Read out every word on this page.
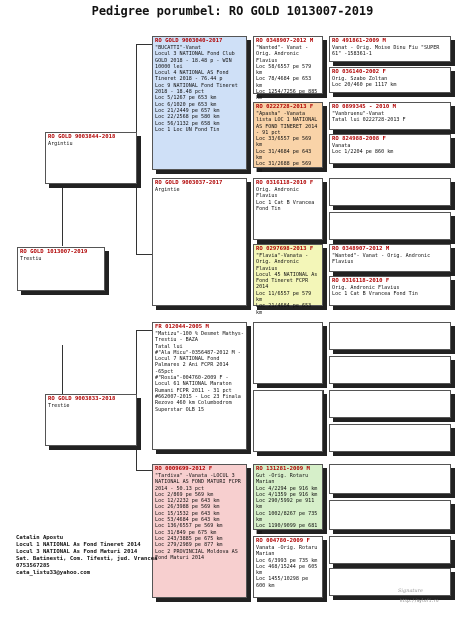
Pedigree porumbel: RO GOLD 1013007-2019
RO GOLD 1013007-2019
Trestiu
RO GOLD 9003844-2018
Argintiu
RO GOLD 9003833-2018
Trestie
RO GOLD 9003040-2017
"BUCATTI"-Vanat
Locul 3 NATIONAL Fond Club GOLD 2018 - 18.48 p - WIN 10000 lei
Locul 4 NATIONAL AS Fond Tineret 2018 - 76.44 p
Loc 9 NATIONAL Fond Tineret 2018 - 18.48 pct
Loc 5/1267 pe 653 km
Loc 6/1020 pe 653 km
Loc 21/2449 pe 657 km
Loc 22/2568 pe 580 km
Loc 56/1132 pe 658 km
Loc 1 Loc UN Fond Tin
RO GOLD 9003037-2017
Argintie
FR 012044-2005 M
"Matizu"-100 % Desmet Mathys- Trestiu - BAZA
Tatal lui
#"Ala Micu"-0356487-2012 M - Locul 7 NATIONAL Fond Palmares 2 Ani FCPR 2014 -65pct
#"Rosia"-004760-2009 F - Locul 61 NATIONAL Maraton Rumani FCPR 2011 - 31 pct
#662007-2015 - Loc 23 Finala Rezovo 460 km Columbodrom Superstar OLB 15
RO 0009699-2012 F
"Tardiva" -Vanata -LOCUL 3 NATIONAL AS FOND MATURI FCPR 2014 - 50.13 pct
Loc 2/869 pe 569 km
Loc 12/2232 pe 643 km
Loc 26/3988 pe 569 km
Loc 15/1532 pe 643 km
Loc 53/4684 pe 643 km
Loc 136/6557 pe 569 km
Loc 31/849 pe 675 km
Loc 243/3885 pe 675 km
Loc 279/2989 pe 877 km
Loc 2 PROVINCIAL Moldova AS Fond Maturi 2014
RO 0348907-2012 M
"Wanted"- Vanat - Orig. Andronic Flavius
Loc 58/6557 pe 579 km
Loc 78/4684 pe 653 km
Loc 1254/7256 pe 885 km
RO 0222728-2013 F
"Apasha" -Vanata lista LOC 1 NATIONAL AS FOND TINERET 2014 - 91 pct
Loc 33/6557 pe 569 km
Loc 31/4684 pe 643 km
Loc 31/2688 pe 569 km
RO 0316118-2010 F
Orig. Andronic Flavius
Loc 1 Cat B Vrancea Fond Tin
RO 0297698-2013 F
"Flavia"-Vanata - Orig. Andronic Flavius
Locul 45 NATIONAL As Fond Tineret FCPR 2014
Loc 11/6557 pe 579 km
Loc 21/4684 pe 653 km
RO 131281-2009 M
Gut -Orig. Rotaru Marian
Loc 4/2294 pe 916 km
Loc 4/1359 pe 916 km
Loc 290/5992 pe 911 km
Loc 1002/8267 pe 735 km
Loc 1190/9099 pe 681 km
RO 004780-2009 F
Vanata -Orig. Rotaru Marian
Loc 6/3993 pe 735 km
Loc 468/15244 pe 605 km
Loc 1455/10298 pe 600 km
RO 491861-2009 M
Vanat - Orig. Moise Dinu Fiu "SUPER 61" -158361-1
RO 036140-2002 F
Orig. Szabo Zoltan
Loc 20/460 pe 1117 km
RO 0899345 - 2010 M
"Vanbruenu"-Vanat
Tatal lui 0222728-2013 F
RO 824988-2008 F
Vanata
Loc 1/2204 pe 860 km
RO 0348907-2012 M
"Wanted"- Vanat - Orig. Andronic Flavius
RO 0316118-2010 F
Orig. Andronic Flavius
Loc 1 Cat B Vrancea Fond Tin
Catalin Apostu
Locul 1 NATIONAL As Fond Tineret 2014
Locul 3 NATIONAL As Fond Maturi 2014
Sat. Batinesti, Com. Tifesti, jud. Vrancea
0753567285
cata_listu33@yahoo.com
Signature
http://mylofi.ro
